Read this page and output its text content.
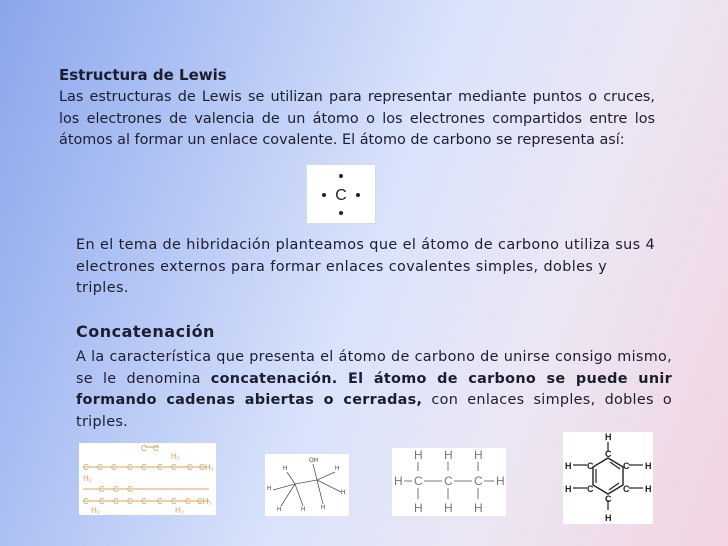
Estructura de Lewis
Las estructuras de Lewis se utilizan para representar mediante puntos o cruces, los electrones de valencia de un átomo o los electrones compartidos entre los átomos al formar un enlace covalente. El átomo de carbono se representa así:
C
En el tema de hibridación planteamos que el átomo de carbono utiliza sus 4 electrones externos para formar enlaces covalentes simples, dobles y triples.
Concatenación
A la característica que presenta el átomo de carbono de unirse consigo mismo, se le denomina concatenación. El átomo de carbono se puede unir formando cadenas abiertas o cerradas, con enlaces simples, dobles o triples.
C C
C C C C C C C C CH₃
H₂
H₂
C C C
C C C C C C C C CH₃
H₂	H₂
OH
H	H
H
H
H	H	H
H H H
H C C C H
H H H
H
C
H C	C H
H C	C H
C
H
